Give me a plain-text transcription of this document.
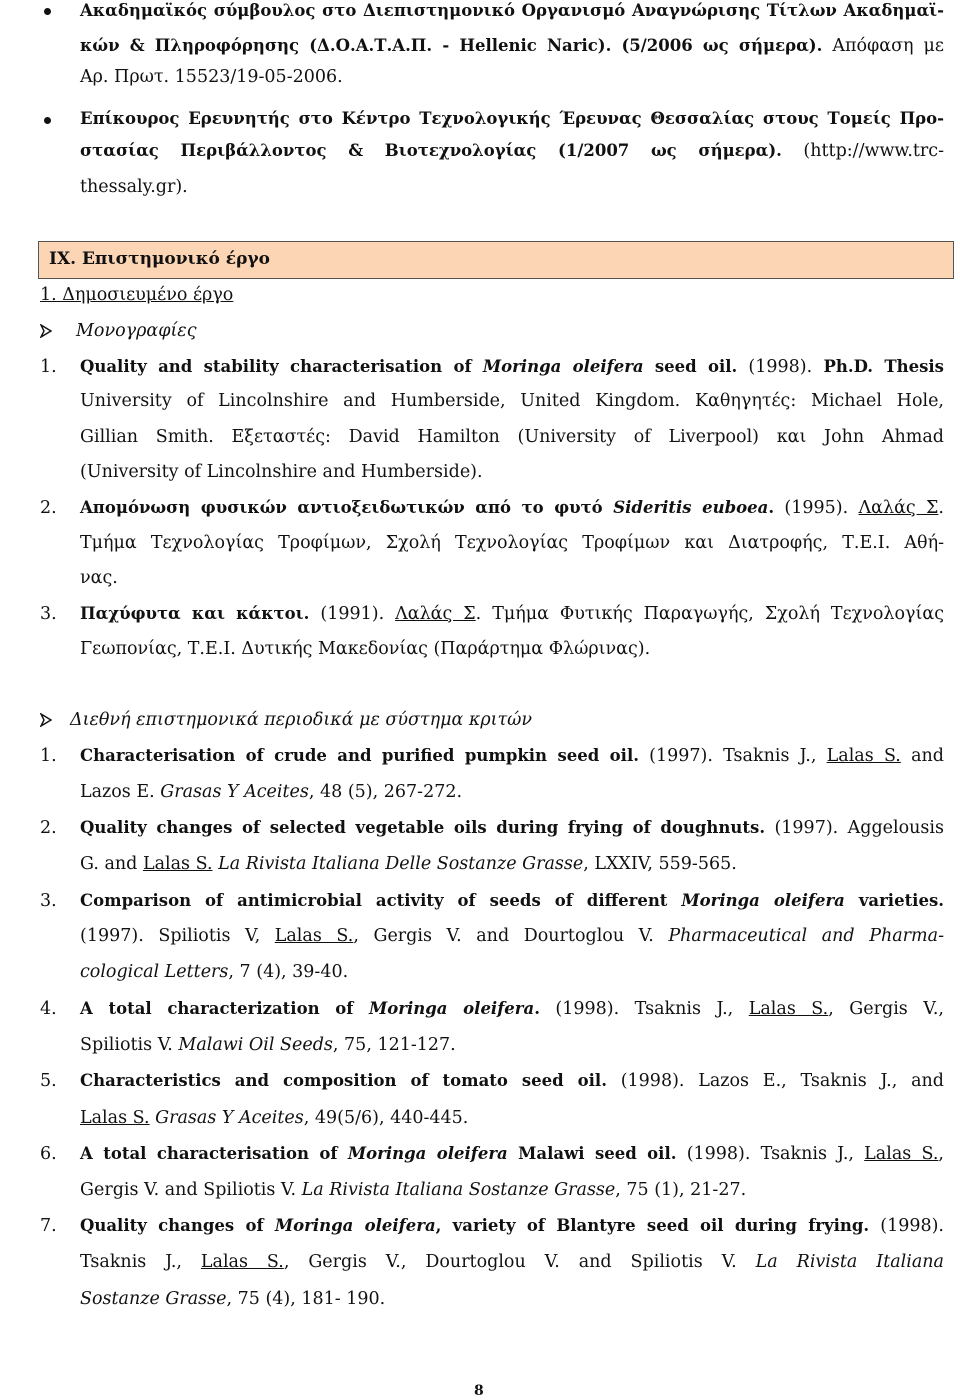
Ακαδημαϊκός σύμβουλος στο Διεπιστημονικό Οργανισμό Αναγνώρισης Τίτλων Ακαδημαϊ-
κών & Πληροφόρησης (Δ.Ο.Α.Τ.Α.Π. - Hellenic Naric). (5/2006 ως σήμερα). Απόφαση με
Αρ. Πρωτ. 15523/19-05-2006.
Επίκουρος Ερευνητής στο Κέντρο Τεχνολογικής Έρευνας Θεσσαλίας στους Τομείς Προ-
στασίας Περιβάλλοντος & Βιοτεχνολογίας (1/2007 ως σήμερα). (http://www.trc-
thessaly.gr).
IX. Επιστημονικό έργο
1. Δημοσιευμένο έργο
Μονογραφίες
1. Quality and stability characterisation of Moringa oleifera seed oil. (1998). Ph.D. Thesis
University of Lincolnshire and Humberside, United Kingdom. Καθηγητές: Michael Hole,
Gillian Smith. Εξεταστές: David Hamilton (University of Liverpool) και John Ahmad
(University of Lincolnshire and Humberside).
2. Απομόνωση φυσικών αντιοξειδωτικών από το φυτό Sideritis euboea. (1995). Λαλάς Σ.
Τμήμα Τεχνολογίας Τροφίμων, Σχολή Τεχνολογίας Τροφίμων και Διατροφής, Τ.Ε.Ι. Αθή-
νας.
3. Παχύφυτα και κάκτοι. (1991). Λαλάς Σ. Τμήμα Φυτικής Παραγωγής, Σχολή Τεχνολογίας
Γεωπονίας, Τ.Ε.Ι. Δυτικής Μακεδονίας (Παράρτημα Φλώρινας).
Διεθνή επιστημονικά περιοδικά με σύστημα κριτών
1. Characterisation of crude and purified pumpkin seed oil. (1997). Tsaknis J., Lalas S. and
Lazos E. Grasas Y Aceites, 48 (5), 267-272.
2. Quality changes of selected vegetable oils during frying of doughnuts. (1997). Aggelousis
G. and Lalas S. La Rivista Italiana Delle Sostanze Grasse, LXXIV, 559-565.
3. Comparison of antimicrobial activity of seeds of different Moringa oleifera varieties.
(1997). Spiliotis V, Lalas S., Gergis V. and Dourtoglou V. Pharmaceutical and Pharma-
cological Letters, 7 (4), 39-40.
4. A total characterization of Moringa oleifera. (1998). Tsaknis J., Lalas S., Gergis V.,
Spiliotis V. Malawi Oil Seeds, 75, 121-127.
5. Characteristics and composition of tomato seed oil. (1998). Lazos E., Tsaknis J., and
Lalas S. Grasas Y Aceites, 49(5/6), 440-445.
6. A total characterisation of Moringa oleifera Malawi seed oil. (1998). Tsaknis J., Lalas S.,
Gergis V. and Spiliotis V. La Rivista Italiana Sostanze Grasse, 75 (1), 21-27.
7. Quality changes of Moringa oleifera, variety of Blantyre seed oil during frying. (1998).
Tsaknis J., Lalas S., Gergis V., Dourtoglou V. and Spiliotis V. La Rivista Italiana
Sostanze Grasse, 75 (4), 181- 190.
8
